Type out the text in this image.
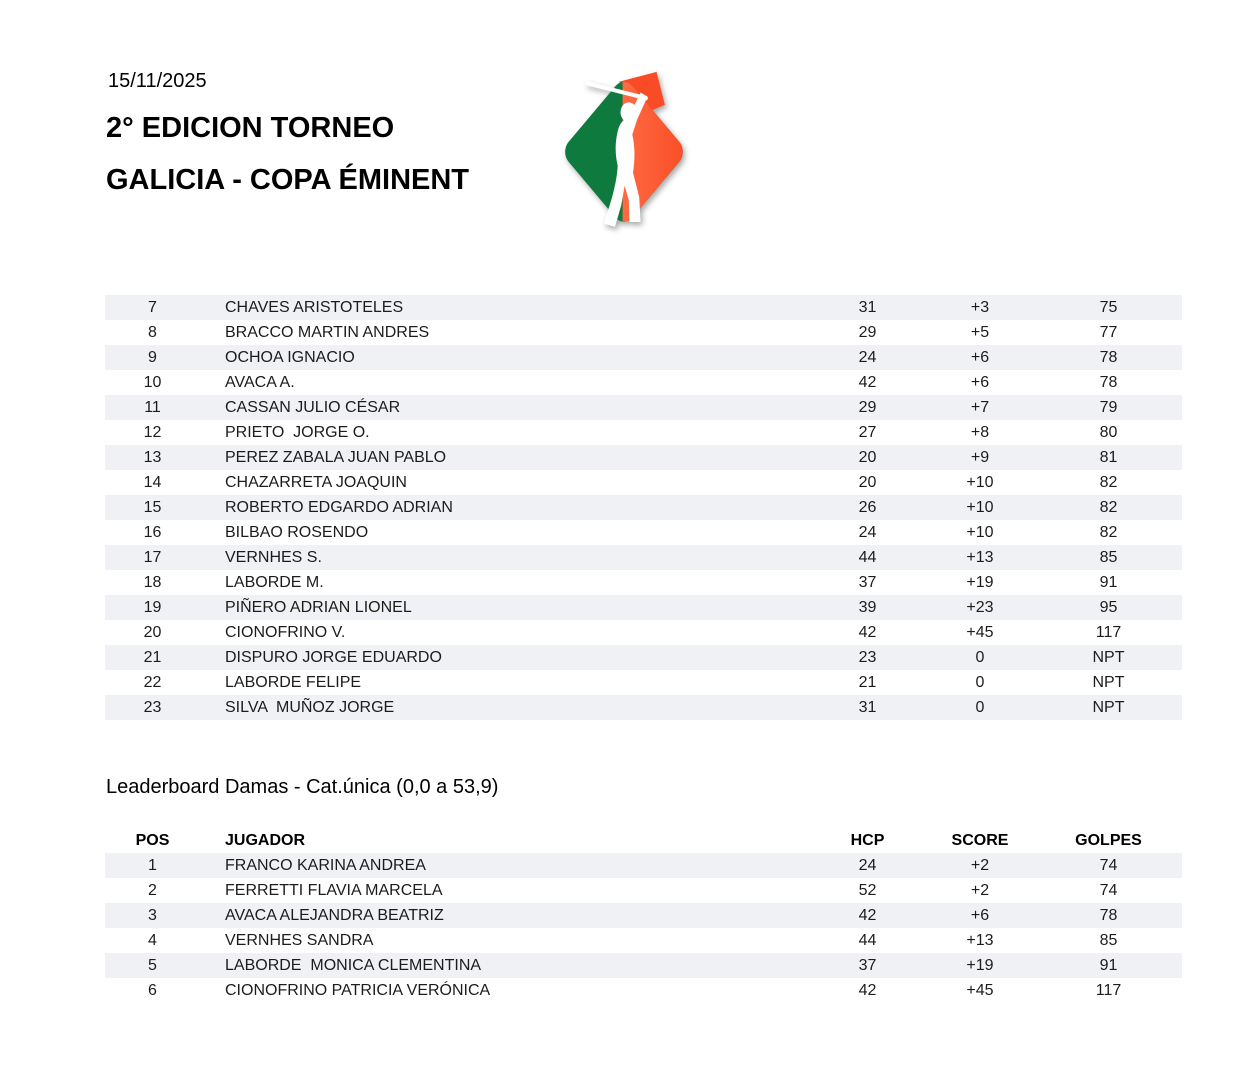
15/11/2025
2° EDICION TORNEO GALICIA - COPA ÉMINENT
7	CHAVES ARISTOTELES	31	+3	75
8	BRACCO MARTIN ANDRES	29	+5	77
9	OCHOA IGNACIO	24	+6	78
10	AVACA A.	42	+6	78
11	CASSAN JULIO CÉSAR	29	+7	79
12	PRIETO  JORGE O.	27	+8	80
13	PEREZ ZABALA JUAN PABLO	20	+9	81
14	CHAZARRETA JOAQUIN	20	+10	82
15	ROBERTO EDGARDO ADRIAN	26	+10	82
16	BILBAO ROSENDO	24	+10	82
17	VERNHES S.	44	+13	85
18	LABORDE M.	37	+19	91
19	PIÑERO ADRIAN LIONEL	39	+23	95
20	CIONOFRINO V.	42	+45	117
21	DISPURO JORGE EDUARDO	23	0	NPT
22	LABORDE FELIPE	21	0	NPT
23	SILVA  MUÑOZ JORGE	31	0	NPT
Leaderboard Damas - Cat.única (0,0 a 53,9)
POS	JUGADOR	HCP	SCORE	GOLPES
1	FRANCO KARINA ANDREA	24	+2	74
2	FERRETTI FLAVIA MARCELA	52	+2	74
3	AVACA ALEJANDRA BEATRIZ	42	+6	78
4	VERNHES SANDRA	44	+13	85
5	LABORDE  MONICA CLEMENTINA	37	+19	91
6	CIONOFRINO PATRICIA VERÓNICA	42	+45	117
